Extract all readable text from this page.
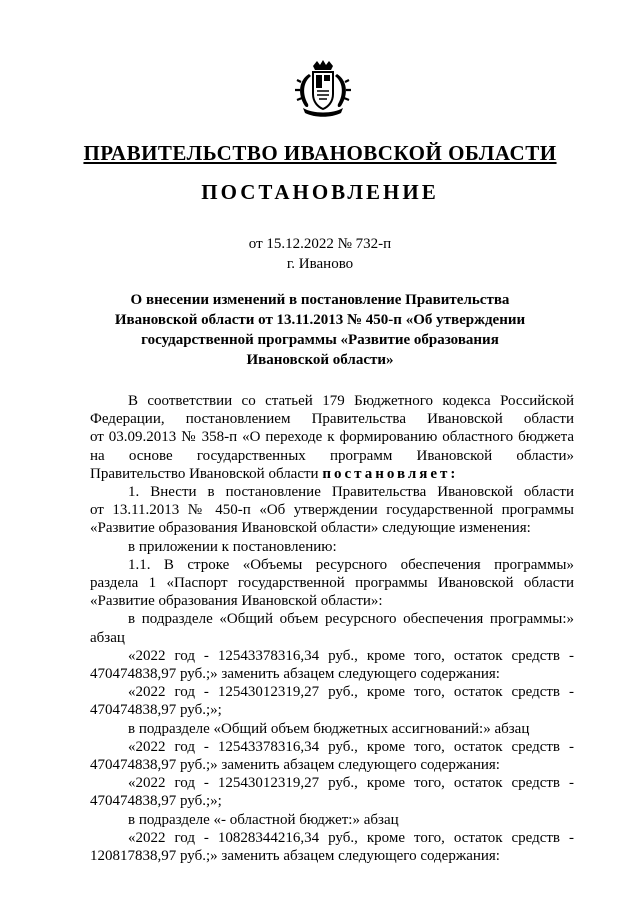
ПРАВИТЕЛЬСТВО ИВАНОВСКОЙ ОБЛАСТИ
ПОСТАНОВЛЕНИЕ
от 15.12.2022 № 732-п
г. Иваново
О внесении изменений в постановление Правительства
Ивановской области от 13.11.2013 № 450-п «Об утверждении
государственной программы «Развитие образования
Ивановской области»
В соответствии со статьей 179 Бюджетного кодекса Российской
Федерации, постановлением Правительства Ивановской области
от 03.09.2013 № 358-п «О переходе к формированию областного бюджета
на основе государственных программ Ивановской области»
Правительство Ивановской области постановляет:
1. Внести в постановление Правительства Ивановской области
от 13.11.2013 № 450-п «Об утверждении государственной программы
«Развитие образования Ивановской области» следующие изменения:
в приложении к постановлению:
1.1. В строке «Объемы ресурсного обеспечения программы»
раздела 1 «Паспорт государственной программы Ивановской области
«Развитие образования Ивановской области»:
в подразделе «Общий объем ресурсного обеспечения программы:»
абзац
«2022 год - 12543378316,34 руб., кроме того, остаток средств -
470474838,97 руб.;» заменить абзацем следующего содержания:
«2022 год - 12543012319,27 руб., кроме того, остаток средств -
470474838,97 руб.;»;
в подразделе «Общий объем бюджетных ассигнований:» абзац
«2022 год - 12543378316,34 руб., кроме того, остаток средств -
470474838,97 руб.;» заменить абзацем следующего содержания:
«2022 год - 12543012319,27 руб., кроме того, остаток средств -
470474838,97 руб.;»;
в подразделе «- областной бюджет:» абзац
«2022 год - 10828344216,34 руб., кроме того, остаток средств -
120817838,97 руб.;» заменить абзацем следующего содержания:
